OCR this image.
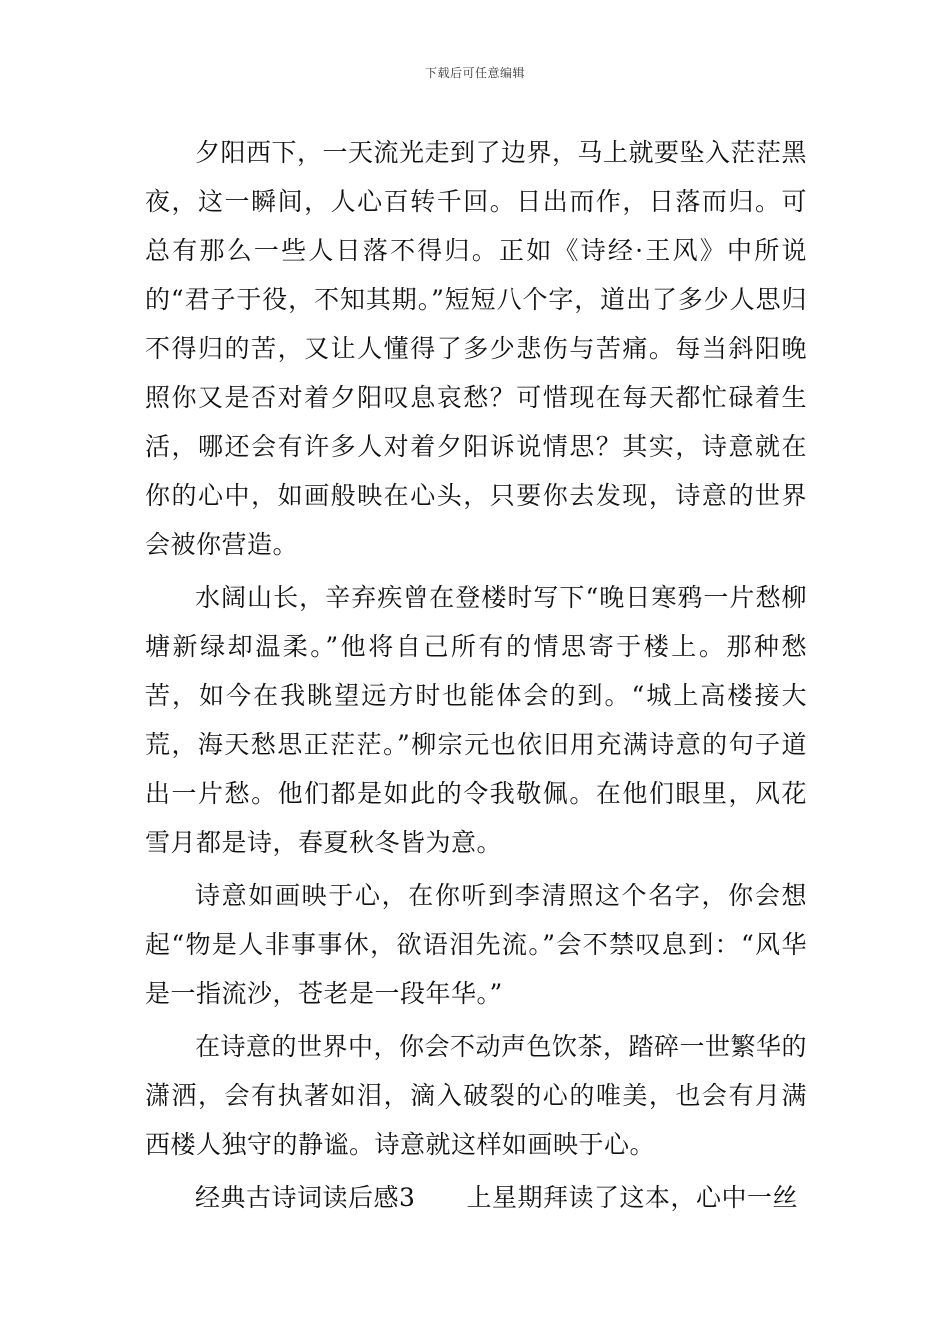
下载后可任意编辑

夕阳西下，一天流光走到了边界，马上就要坠入茫茫黑夜，这一瞬间，人心百转千回。日出而作，日落而归。可总有那么一些人日落不得归。正如《诗经·王风》中所说的“君子于役，不知其期。”短短八个字，道出了多少人思归不得归的苦，又让人懂得了多少悲伤与苦痛。每当斜阳晚照你又是否对着夕阳叹息哀愁？可惜现在每天都忙碌着生活，哪还会有许多人对着夕阳诉说情思？其实，诗意就在你的心中，如画般映在心头，只要你去发现，诗意的世界会被你营造。

水阔山长，辛弃疾曾在登楼时写下“晚日寒鸦一片愁柳塘新绿却温柔。”他将自己所有的情思寄于楼上。那种愁苦，如今在我眺望远方时也能体会的到。“城上高楼接大荒，海天愁思正茫茫。”柳宗元也依旧用充满诗意的句子道出一片愁。他们都是如此的令我敬佩。在他们眼里，风花雪月都是诗，春夏秋冬皆为意。

诗意如画映于心，在你听到李清照这个名字，你会想起“物是人非事事休，欲语泪先流。”会不禁叹息到：“风华是一指流沙，苍老是一段年华。”

在诗意的世界中，你会不动声色饮茶，踏碎一世繁华的潇洒，会有执著如泪，滴入破裂的心的唯美，也会有月满西楼人独守的静谧。诗意就这样如画映于心。

经典古诗词读后感3　　 上星期拜读了这本，心中一丝
